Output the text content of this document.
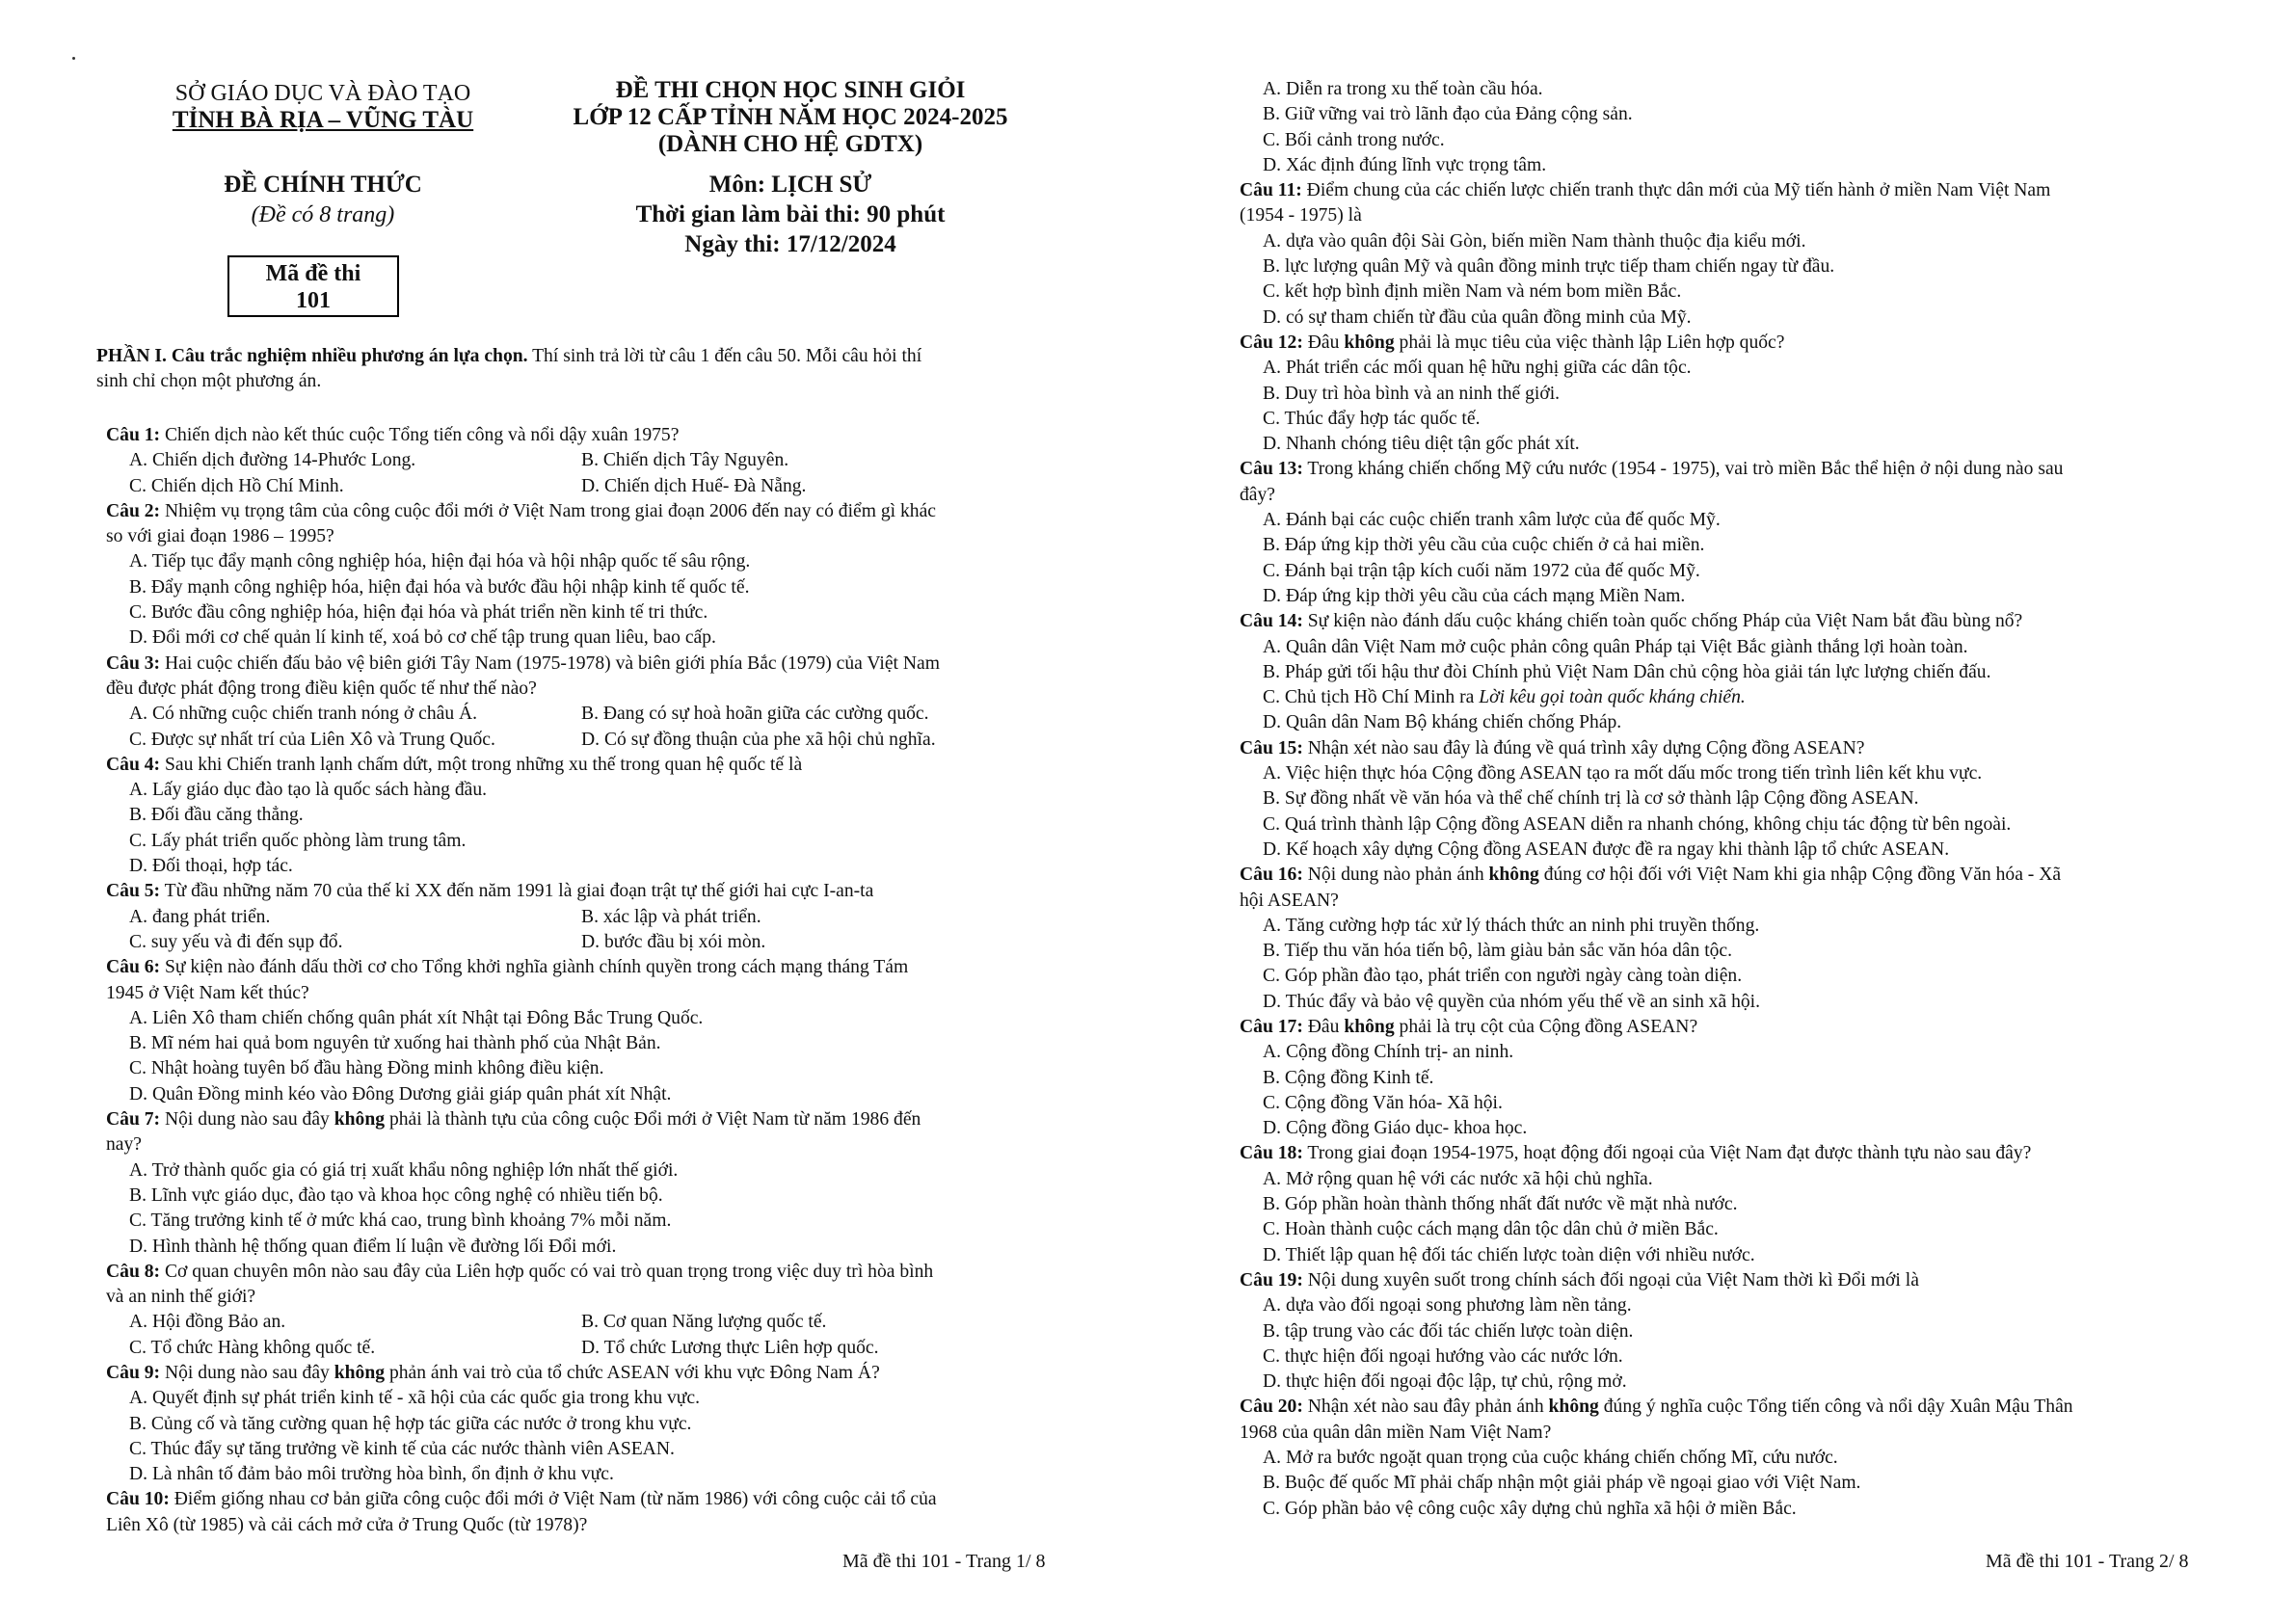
SỞ GIÁO DỤC VÀ ĐÀO TẠO
TỈNH BÀ RỊA – VŨNG TÀU
ĐỀ THI CHỌN HỌC SINH GIỎI
LỚP 12 CẤP TỈNH NĂM HỌC 2024-2025
(DÀNH CHO HỆ GDTX)
ĐỀ CHÍNH THỨC
(Đề có 8 trang)
Môn: LỊCH SỬ
Thời gian làm bài thi: 90 phút
Ngày thi: 17/12/2024
Mã đề thi
101
PHẦN I. Câu trắc nghiệm nhiều phương án lựa chọn. Thí sinh trả lời từ câu 1 đến câu 50. Mỗi câu hỏi thí
sinh chỉ chọn một phương án.
Câu 1: Chiến dịch nào kết thúc cuộc Tổng tiến công và nổi dậy xuân 1975?
A. Chiến dịch đường 14-Phước Long.	B. Chiến dịch Tây Nguyên.
C. Chiến dịch Hồ Chí Minh.	D. Chiến dịch Huế- Đà Nẵng.
Câu 2: Nhiệm vụ trọng tâm của công cuộc đổi mới ở Việt Nam trong giai đoạn 2006 đến nay có điểm gì khác
so với giai đoạn 1986 – 1995?
A. Tiếp tục đẩy mạnh công nghiệp hóa, hiện đại hóa và hội nhập quốc tế sâu rộng.
B. Đẩy mạnh công nghiệp hóa, hiện đại hóa và bước đầu hội nhập kinh tế quốc tế.
C. Bước đầu công nghiệp hóa, hiện đại hóa và phát triển nền kinh tế tri thức.
D. Đổi mới cơ chế quản lí kinh tế, xoá bỏ cơ chế tập trung quan liêu, bao cấp.
Câu 3: Hai cuộc chiến đấu bảo vệ biên giới Tây Nam (1975-1978) và biên giới phía Bắc (1979) của Việt Nam
đều được phát động trong điều kiện quốc tế như thế nào?
A. Có những cuộc chiến tranh nóng ở châu Á.	B. Đang có sự hoà hoãn giữa các cường quốc.
C. Được sự nhất trí của Liên Xô và Trung Quốc.	D. Có sự đồng thuận của phe xã hội chủ nghĩa.
Câu 4: Sau khi Chiến tranh lạnh chấm dứt, một trong những xu thế trong quan hệ quốc tế là
A. Lấy giáo dục đào tạo là quốc sách hàng đầu.
B. Đối đầu căng thẳng.
C. Lấy phát triển quốc phòng làm trung tâm.
D. Đối thoại, hợp tác.
Câu 5: Từ đầu những năm 70 của thế kỉ XX đến năm 1991 là giai đoạn trật tự thế giới hai cực I-an-ta
A. đang phát triển.	B. xác lập và phát triển.
C. suy yếu và đi đến sụp đổ.	D. bước đầu bị xói mòn.
Câu 6: Sự kiện nào đánh dấu thời cơ cho Tổng khởi nghĩa giành chính quyền trong cách mạng tháng Tám
1945 ở Việt Nam kết thúc?
A. Liên Xô tham chiến chống quân phát xít Nhật tại Đông Bắc Trung Quốc.
B. Mĩ ném hai quả bom nguyên tử xuống hai thành phố của Nhật Bản.
C. Nhật hoàng tuyên bố đầu hàng Đồng minh không điều kiện.
D. Quân Đồng minh kéo vào Đông Dương giải giáp quân phát xít Nhật.
Câu 7: Nội dung nào sau đây không phải là thành tựu của công cuộc Đổi mới ở Việt Nam từ năm 1986 đến
nay?
A. Trở thành quốc gia có giá trị xuất khẩu nông nghiệp lớn nhất thế giới.
B. Lĩnh vực giáo dục, đào tạo và khoa học công nghệ có nhiều tiến bộ.
C. Tăng trưởng kinh tế ở mức khá cao, trung bình khoảng 7% mỗi năm.
D. Hình thành hệ thống quan điểm lí luận về đường lối Đổi mới.
Câu 8: Cơ quan chuyên môn nào sau đây của Liên hợp quốc có vai trò quan trọng trong việc duy trì hòa bình
và an ninh thế giới?
A. Hội đồng Bảo an.	B. Cơ quan Năng lượng quốc tế.
C. Tổ chức Hàng không quốc tế.	D. Tổ chức Lương thực Liên hợp quốc.
Câu 9: Nội dung nào sau đây không phản ánh vai trò của tổ chức ASEAN với khu vực Đông Nam Á?
A. Quyết định sự phát triển kinh tế - xã hội của các quốc gia trong khu vực.
B. Củng cố và tăng cường quan hệ hợp tác giữa các nước ở trong khu vực.
C. Thúc đẩy sự tăng trưởng về kinh tế của các nước thành viên ASEAN.
D. Là nhân tố đảm bảo môi trường hòa bình, ổn định ở khu vực.
Câu 10: Điểm giống nhau cơ bản giữa công cuộc đổi mới ở Việt Nam (từ năm 1986) với công cuộc cải tổ của
Liên Xô (từ 1985) và cải cách mở cửa ở Trung Quốc (từ 1978)?
Mã đề thi 101 - Trang 1/ 8
A. Diễn ra trong xu thế toàn cầu hóa.
B. Giữ vững vai trò lãnh đạo của Đảng cộng sản.
C. Bối cảnh trong nước.
D. Xác định đúng lĩnh vực trọng tâm.
Câu 11: Điểm chung của các chiến lược chiến tranh thực dân mới của Mỹ tiến hành ở miền Nam Việt Nam
(1954 - 1975) là
A. dựa vào quân đội Sài Gòn, biến miền Nam thành thuộc địa kiểu mới.
B. lực lượng quân Mỹ và quân đồng minh trực tiếp tham chiến ngay từ đầu.
C. kết hợp bình định miền Nam và ném bom miền Bắc.
D. có sự tham chiến từ đầu của quân đồng minh của Mỹ.
Câu 12: Đâu không phải là mục tiêu của việc thành lập Liên hợp quốc?
A. Phát triển các mối quan hệ hữu nghị giữa các dân tộc.
B. Duy trì hòa bình và an ninh thế giới.
C. Thúc đẩy hợp tác quốc tế.
D. Nhanh chóng tiêu diệt tận gốc phát xít.
Câu 13: Trong kháng chiến chống Mỹ cứu nước (1954 - 1975), vai trò miền Bắc thể hiện ở nội dung nào sau
đây?
A. Đánh bại các cuộc chiến tranh xâm lược của đế quốc Mỹ.
B. Đáp ứng kịp thời yêu cầu của cuộc chiến ở cả hai miền.
C. Đánh bại trận tập kích cuối năm 1972 của đế quốc Mỹ.
D. Đáp ứng kịp thời yêu cầu của cách mạng Miền Nam.
Câu 14: Sự kiện nào đánh dấu cuộc kháng chiến toàn quốc chống Pháp của Việt Nam bắt đầu bùng nổ?
A. Quân dân Việt Nam mở cuộc phản công quân Pháp tại Việt Bắc giành thắng lợi hoàn toàn.
B. Pháp gửi tối hậu thư đòi Chính phủ Việt Nam Dân chủ cộng hòa giải tán lực lượng chiến đấu.
C. Chủ tịch Hồ Chí Minh ra Lời kêu gọi toàn quốc kháng chiến.
D. Quân dân Nam Bộ kháng chiến chống Pháp.
Câu 15: Nhận xét nào sau đây là đúng về quá trình xây dựng Cộng đồng ASEAN?
A. Việc hiện thực hóa Cộng đồng ASEAN tạo ra mốt dấu mốc trong tiến trình liên kết khu vực.
B. Sự đồng nhất về văn hóa và thể chế chính trị là cơ sở thành lập Cộng đồng ASEAN.
C. Quá trình thành lập Cộng đồng ASEAN diễn ra nhanh chóng, không chịu tác động từ bên ngoài.
D. Kế hoạch xây dựng Cộng đồng ASEAN được đề ra ngay khi thành lập tổ chức ASEAN.
Câu 16: Nội dung nào phản ánh không đúng cơ hội đối với Việt Nam khi gia nhập Cộng đồng Văn hóa - Xã
hội ASEAN?
A. Tăng cường hợp tác xử lý thách thức an ninh phi truyền thống.
B. Tiếp thu văn hóa tiến bộ, làm giàu bản sắc văn hóa dân tộc.
C. Góp phần đào tạo, phát triển con người ngày càng toàn diện.
D. Thúc đẩy và bảo vệ quyền của nhóm yếu thế về an sinh xã hội.
Câu 17: Đâu không phải là trụ cột của Cộng đồng ASEAN?
A. Cộng đồng Chính trị- an ninh.
B. Cộng đồng Kinh tế.
C. Cộng đồng Văn hóa- Xã hội.
D. Cộng đồng Giáo dục- khoa học.
Câu 18: Trong giai đoạn 1954-1975, hoạt động đối ngoại của Việt Nam đạt được thành tựu nào sau đây?
A. Mở rộng quan hệ với các nước xã hội chủ nghĩa.
B. Góp phần hoàn thành thống nhất đất nước về mặt nhà nước.
C. Hoàn thành cuộc cách mạng dân tộc dân chủ ở miền Bắc.
D. Thiết lập quan hệ đối tác chiến lược toàn diện với nhiều nước.
Câu 19: Nội dung xuyên suốt trong chính sách đối ngoại của Việt Nam thời kì Đổi mới là
A. dựa vào đối ngoại song phương làm nền tảng.
B. tập trung vào các đối tác chiến lược toàn diện.
C. thực hiện đối ngoại hướng vào các nước lớn.
D. thực hiện đối ngoại độc lập, tự chủ, rộng mở.
Câu 20: Nhận xét nào sau đây phản ánh không đúng ý nghĩa cuộc Tổng tiến công và nổi dậy Xuân Mậu Thân
1968 của quân dân miền Nam Việt Nam?
A. Mở ra bước ngoặt quan trọng của cuộc kháng chiến chống Mĩ, cứu nước.
B. Buộc đế quốc Mĩ phải chấp nhận một giải pháp về ngoại giao với Việt Nam.
C. Góp phần bảo vệ công cuộc xây dựng chủ nghĩa xã hội ở miền Bắc.
Mã đề thi 101 - Trang 2/ 8
